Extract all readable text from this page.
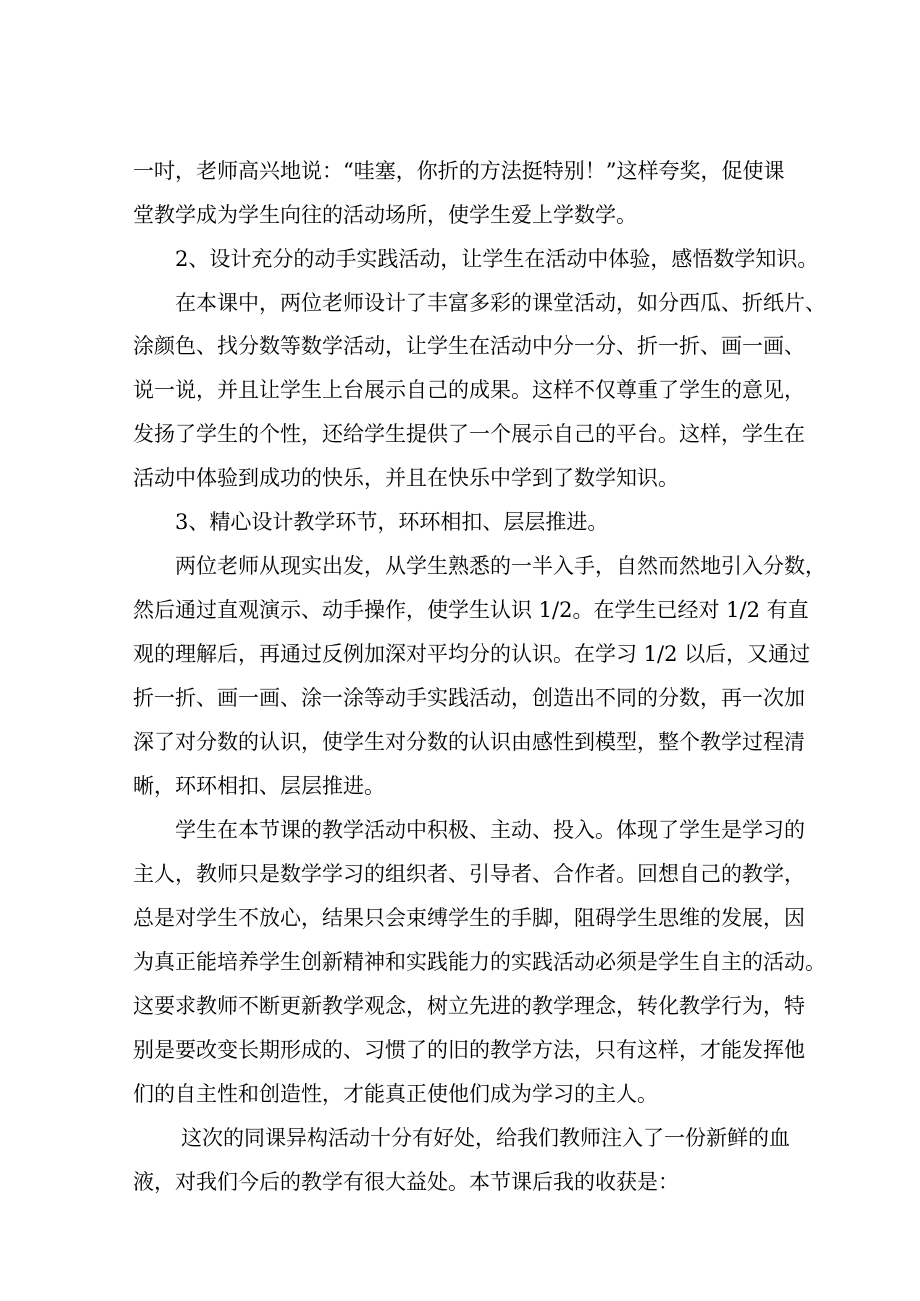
一吋，老师高兴地说：“哇塞，你折的方法挺特别！”这样夸奖，促使课
堂教学成为学生向往的活动场所，使学生爱上学数学。
2、设计充分的动手实践活动，让学生在活动中体验，感悟数学知识。
在本课中，两位老师设计了丰富多彩的课堂活动，如分西瓜、折纸片、
涂颜色、找分数等数学活动，让学生在活动中分一分、折一折、画一画、
说一说，并且让学生上台展示自己的成果。这样不仅尊重了学生的意见，
发扬了学生的个性，还给学生提供了一个展示自己的平台。这样，学生在
活动中体验到成功的快乐，并且在快乐中学到了数学知识。
3、精心设计教学环节，环环相扣、层层推进。
两位老师从现实出发，从学生熟悉的一半入手，自然而然地引入分数，
然后通过直观演示、动手操作，使学生认识 1/2。在学生已经对 1/2 有直
观的理解后，再通过反例加深对平均分的认识。在学习 1/2 以后，又通过
折一折、画一画、涂一涂等动手实践活动，创造出不同的分数，再一次加
深了对分数的认识，使学生对分数的认识由感性到模型，整个教学过程清
晰，环环相扣、层层推进。
学生在本节课的教学活动中积极、主动、投入。体现了学生是学习的
主人，教师只是数学学习的组织者、引导者、合作者。回想自己的教学，
总是对学生不放心，结果只会束缚学生的手脚，阻碍学生思维的发展，因
为真正能培养学生创新精神和实践能力的实践活动必须是学生自主的活动。
这要求教师不断更新教学观念，树立先进的教学理念，转化教学行为，特
别是要改变长期形成的、习惯了的旧的教学方法，只有这样，才能发挥他
们的自主性和创造性，才能真正使他们成为学习的主人。
这次的同课异构活动十分有好处，给我们教师注入了一份新鲜的血
液，对我们今后的教学有很大益处。本节课后我的收获是：
